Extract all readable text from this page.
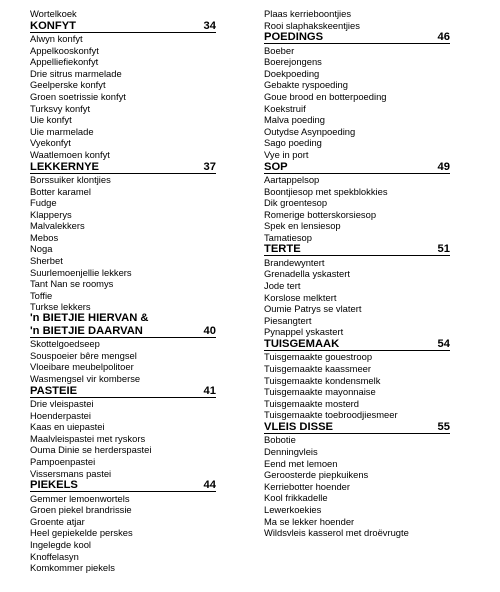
Wortelkoek
KONFYT	34
Alwyn konfyt
Appelkooskonfyt
Appelliefiekonfyt
Drie sitrus marmelade
Geelperske konfyt
Groen soetrissie konfyt
Turksvy konfyt
Uie konfyt
Uie marmelade
Vyekonfyt
Waatlemoen konfyt
LEKKERNYE	37
Borssuiker klontjies
Botter karamel
Fudge
Klapperys
Malvalekkers
Mebos
Noga
Sherbet
Suurlemoenjellie lekkers
Tant Nan se roomys
Toffie
Turkse lekkers
'n BIETJIE HIERVAN &
'n BIETJIE DAARVAN	40
Skottelgoedseep
Souspoeier bêre mengsel
Vloeibare meubelpolitoer
Wasmengsel vir komberse
PASTEIE	41
Drie vleispastei
Hoenderpastei
Kaas en uiepastei
Maalvleispastei met ryskors
Ouma Dinie se herderspastei
Pampoenpastei
Vissersmans pastei
PIEKELS	44
Gemmer lemoenwortels
Groen piekel brandrissie
Groente atjar
Heel gepiekelde perskes
Ingelegde kool
Knoffelasyn
Komkommer piekels
Plaas kerrieboontjies
Rooi slaphakskeentjies
POEDINGS	46
Boeber
Boerejongens
Doekpoeding
Gebakte ryspoeding
Goue brood en botterpoeding
Koekstruif
Malva poeding
Outydse Asynpoeding
Sago poeding
Vye in port
SOP	49
Aartappelsop
Boontjiesop met spekblokkies
Dik groentesop
Romerige botterskorsiesop
Spek en lensiesop
Tamatiesop
TERTE	51
Brandewyntert
Grenadella yskastert
Jode tert
Korslose melktert
Oumie Patrys se vlatert
Piesangtert
Pynappel yskastert
TUISGEMAAK	54
Tuisgemaakte gouestroop
Tuisgemaakte kaassmeer
Tuisgemaakte kondensmelk
Tuisgemaakte mayonnaise
Tuisgemaakte mosterd
Tuisgemaakte toebroodjiesmeer
VLEIS DISSE	55
Bobotie
Denningvleis
Eend met lemoen
Geroosterde piepkuikens
Kerriebotter hoender
Kool frikkadelle
Lewerkoekies
Ma se lekker hoender
Wildsvleis kasserol met droëvrugte
